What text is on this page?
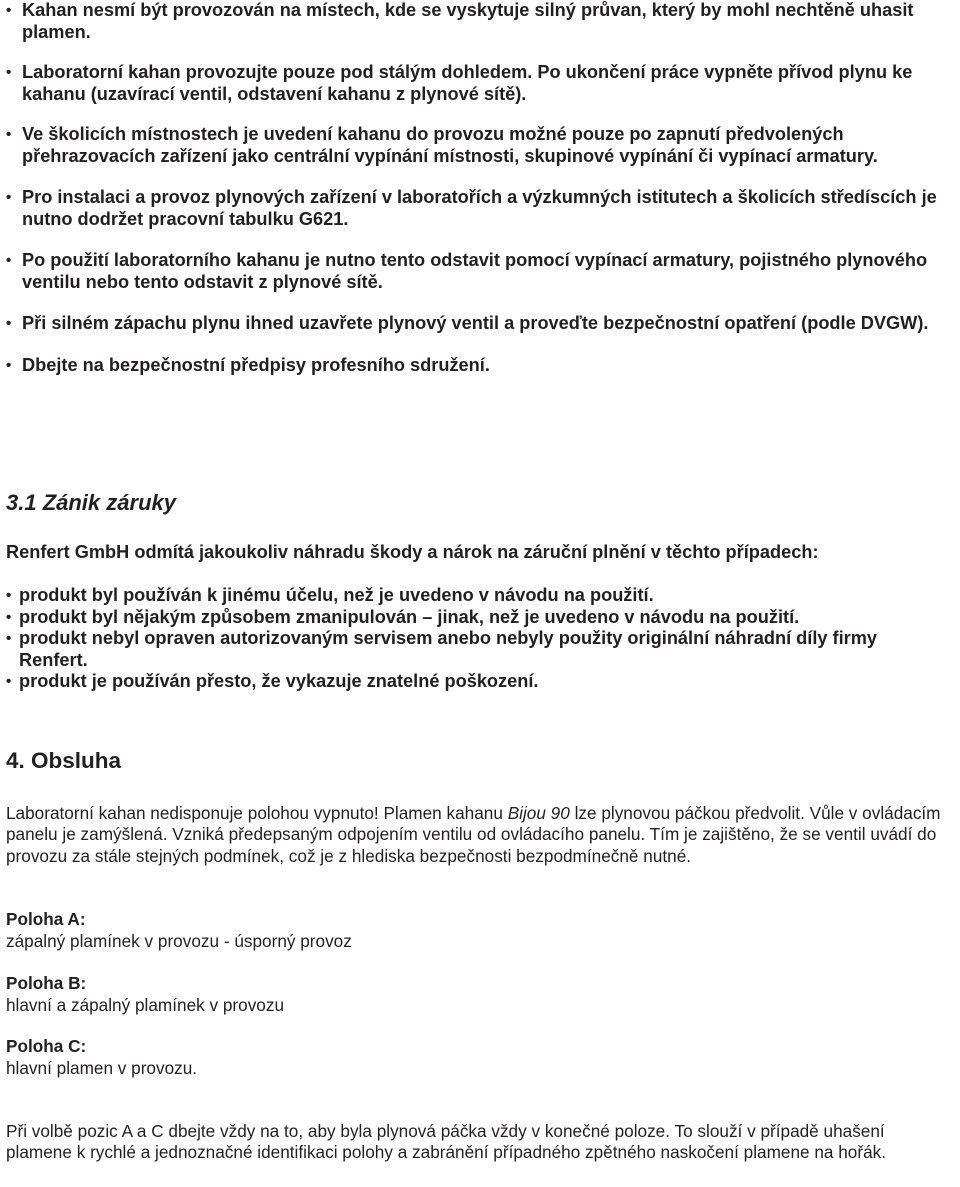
•
Kahan nesmí být provozován na místech, kde se vyskytuje silný průvan, který by mohl nechtěně uhasit plamen.
•
Laboratorní kahan provozujte pouze pod stálým dohledem. Po ukončení práce vypněte přívod plynu ke kahanu (uzavírací ventil, odstavení kahanu z plynové sítě).
•
Ve školicích místnostech je uvedení kahanu do provozu možné pouze po zapnutí předvolených přehrazovacích zařízení jako centrální vypínání místnosti, skupinové vypínání či vypínací armatury.
•
Pro instalaci a provoz plynových zařízení v laboratořích a výzkumných istitutech a školicích středíscích je nutno dodržet pracovní tabulku G621.
•
Po použití laboratorního kahanu je nutno tento odstavit pomocí vypínací armatury, pojistného plynového ventilu nebo tento odstavit z plynové sítě.
•
Při silném zápachu plynu ihned uzavřete plynový ventil a proveďte bezpečnostní opatření (podle DVGW).
•
Dbejte na bezpečnostní předpisy profesního sdružení.
3.1 Zánik záruky

Renfert GmbH odmítá jakoukoliv náhradu škody a nárok na záruční plnění v těchto případech:

•
produkt byl používán k jinému účelu, než je uvedeno v návodu na použití.
•
produkt byl nějakým způsobem zmanipulován – jinak, než je uvedeno v návodu na použití.
•
produkt nebyl opraven autorizovaným servisem anebo nebyly použity originální náhradní díly firmy Renfert.
•
produkt je používán přesto, že vykazuje znatelné poškození.
4. Obsluha

Laboratorní kahan nedisponuje polohou vypnuto! Plamen kahanu Bijou 90 lze plynovou páčkou předvolit. Vůle v ovládacím panelu je zamýšlená. Vzniká předepsaným odpojením ventilu od ovládacího panelu. Tím je zajištěno, že se ventil uvádí do provozu za stále stejných podmínek, což je z hlediska bezpečnosti bezpodmínečně nutné.

Poloha A:

zápalný plamínek v provozu - úsporný provoz

Poloha B:

hlavní a zápalný plamínek v provozu

Poloha C:

hlavní plamen v provozu.

Při volbě pozic A a C dbejte vždy na to, aby byla plynová páčka vždy v konečné poloze. To slouží v případě uhašení plamene k rychlé a jednoznačné identifikaci polohy a zabránění případného zpětného naskočení plamene na hořák.
